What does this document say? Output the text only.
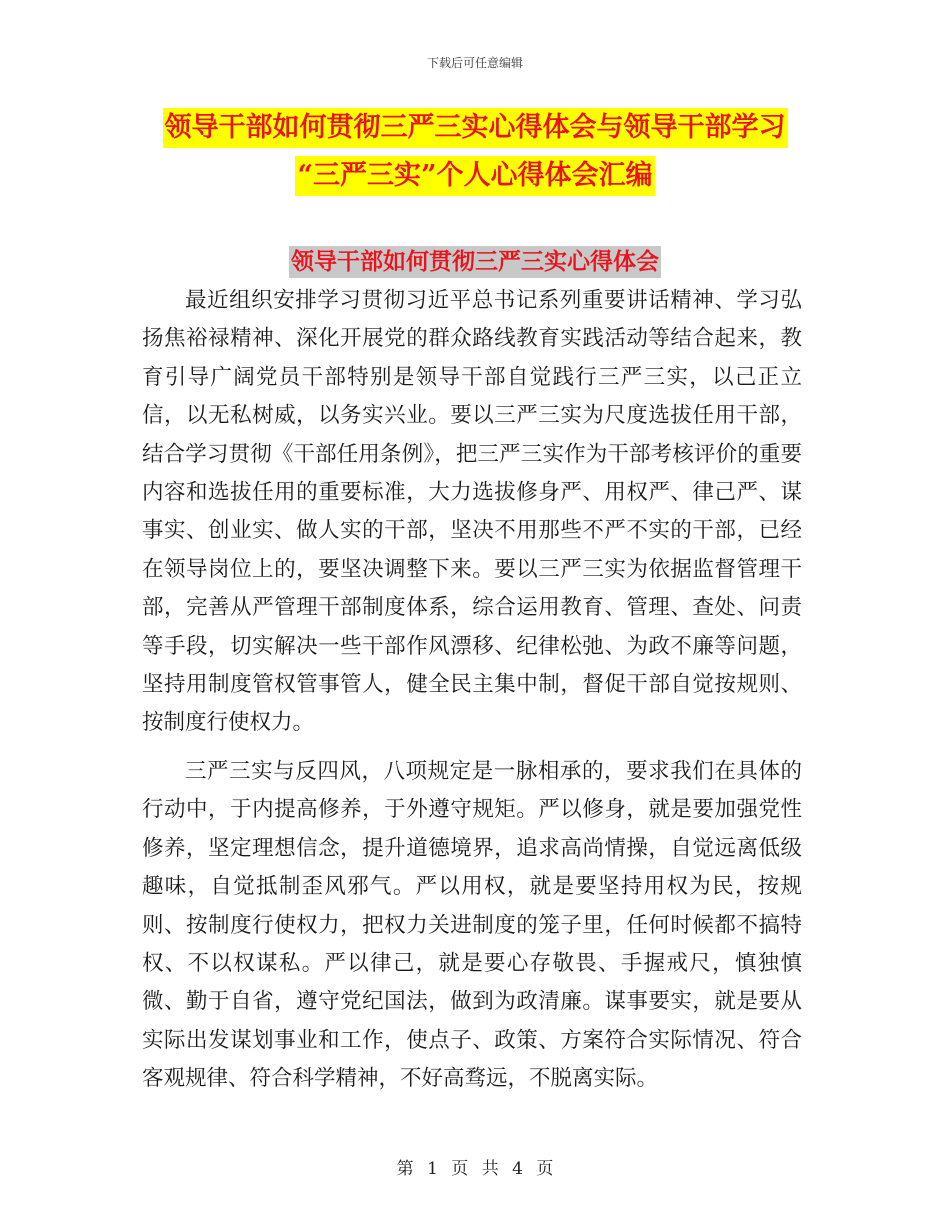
下载后可任意编辑
领导干部如何贯彻三严三实心得体会与领导干部学习
“三严三实”个人心得体会汇编
领导干部如何贯彻三严三实心得体会

最近组织安排学习贯彻习近平总书记系列重要讲话精神、学习弘扬焦裕禄精神、深化开展党的群众路线教育实践活动等结合起来，教育引导广阔党员干部特别是领导干部自觉践行三严三实，以己正立信，以无私树威，以务实兴业。要以三严三实为尺度选拔任用干部，结合学习贯彻《干部任用条例》，把三严三实作为干部考核评价的重要内容和选拔任用的重要标准，大力选拔修身严、用权严、律己严、谋事实、创业实、做人实的干部，坚决不用那些不严不实的干部，已经在领导岗位上的，要坚决调整下来。要以三严三实为依据监督管理干部，完善从严管理干部制度体系，综合运用教育、管理、查处、问责等手段，切实解决一些干部作风漂移、纪律松弛、为政不廉等问题，坚持用制度管权管事管人，健全民主集中制，督促干部自觉按规则、按制度行使权力。

三严三实与反四风，八项规定是一脉相承的，要求我们在具体的行动中，于内提高修养，于外遵守规矩。严以修身，就是要加强党性修养，坚定理想信念，提升道德境界，追求高尚情操，自觉远离低级趣味，自觉抵制歪风邪气。严以用权，就是要坚持用权为民，按规则、按制度行使权力，把权力关进制度的笼子里，任何时候都不搞特权、不以权谋私。严以律己，就是要心存敬畏、手握戒尺，慎独慎微、勤于自省，遵守党纪国法，做到为政清廉。谋事要实，就是要从实际出发谋划事业和工作，使点子、政策、方案符合实际情况、符合客观规律、符合科学精神，不好高骛远，不脱离实际。

第 1 页 共 4 页
